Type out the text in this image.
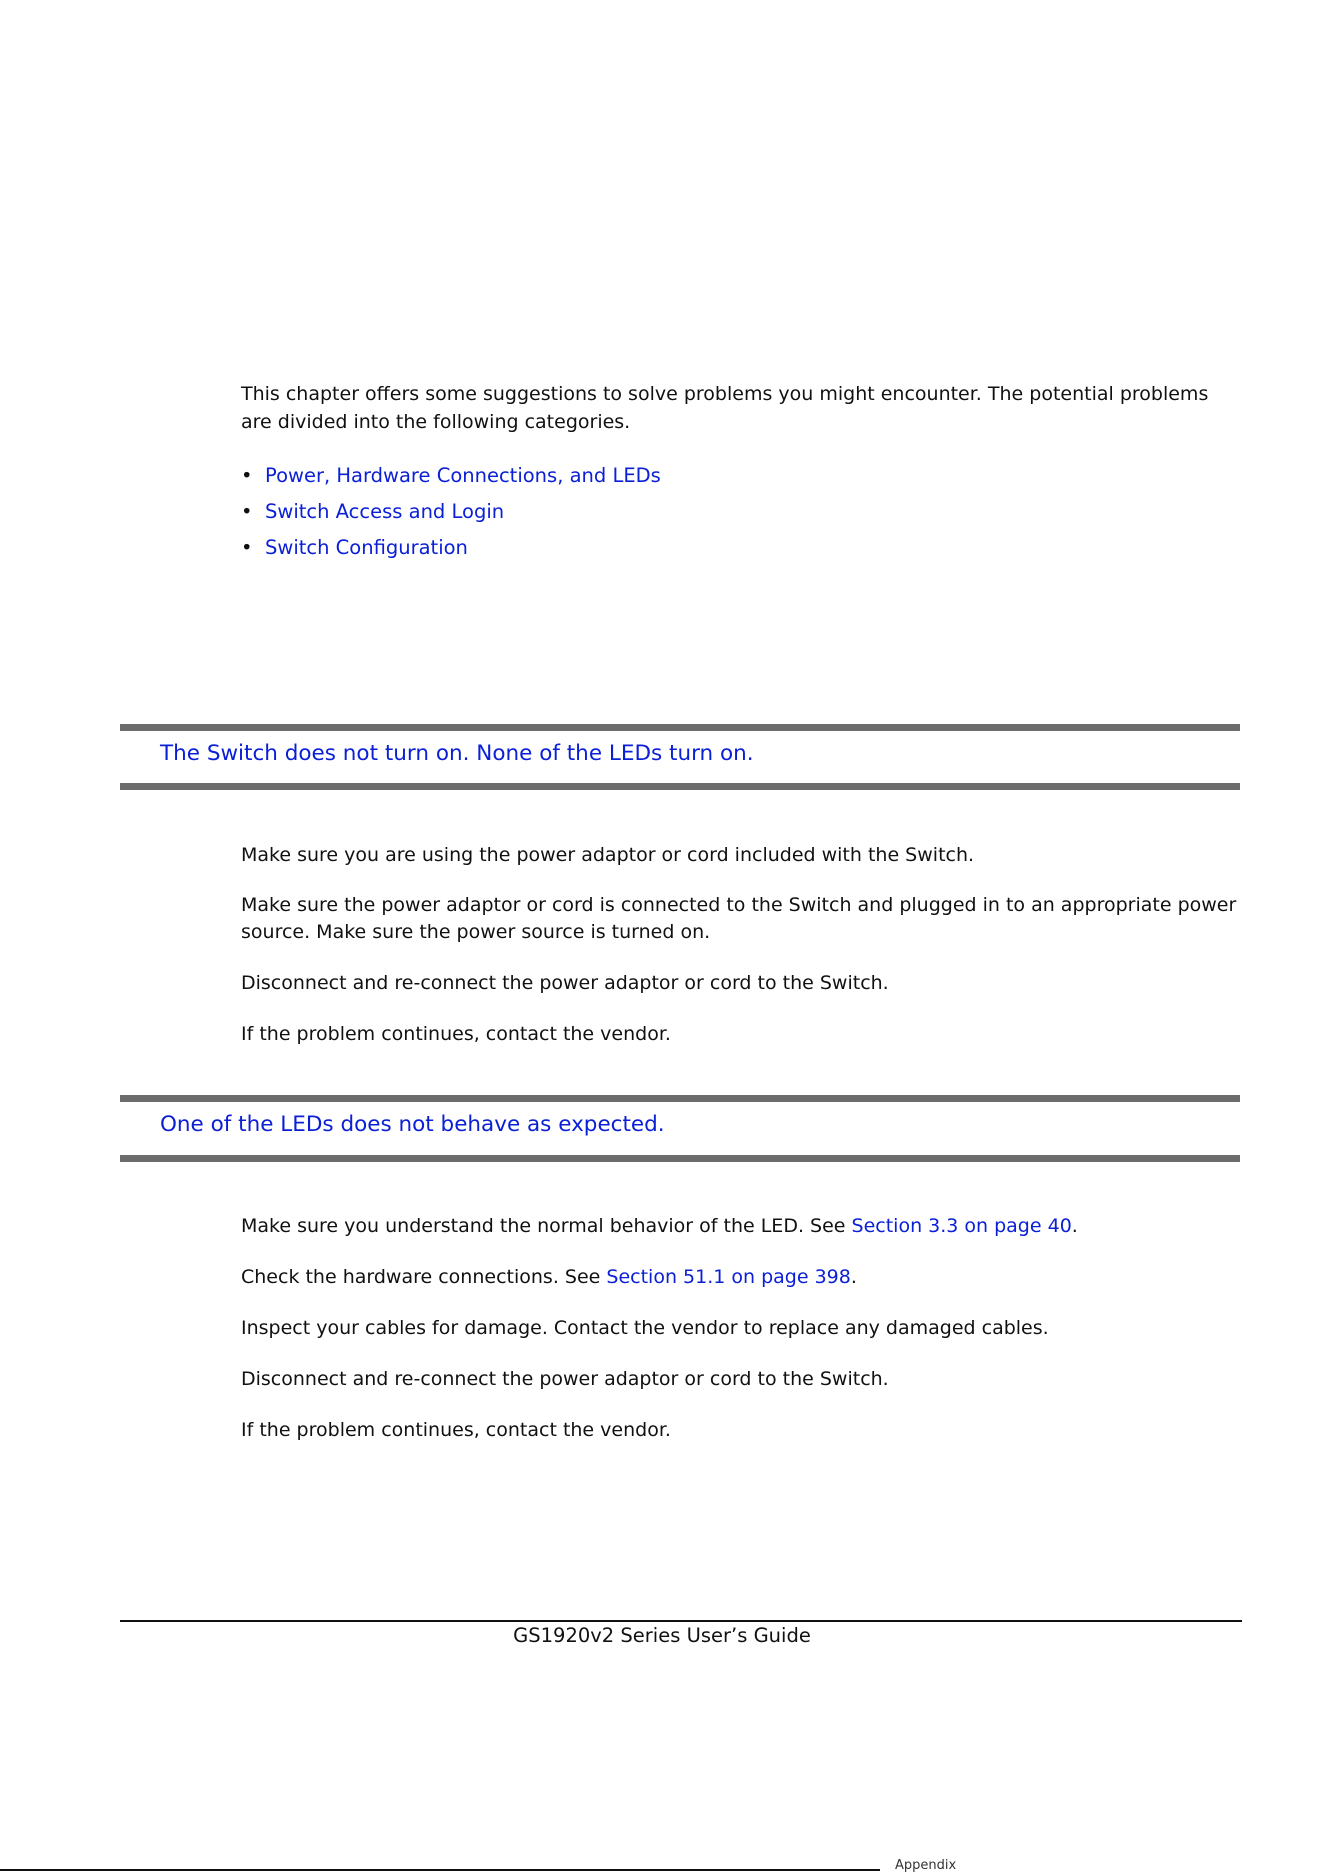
This chapter offers some suggestions to solve problems you might encounter. The potential problems are divided into the following categories.

• Power, Hardware Connections, and LEDs
• Switch Access and Login
• Switch Configuration
The Switch does not turn on. None of the LEDs turn on.

Make sure you are using the power adaptor or cord included with the Switch.

Make sure the power adaptor or cord is connected to the Switch and plugged in to an appropriate power source. Make sure the power source is turned on.

Disconnect and re-connect the power adaptor or cord to the Switch.

If the problem continues, contact the vendor.

One of the LEDs does not behave as expected.

Make sure you understand the normal behavior of the LED. See Section 3.3 on page 40.

Check the hardware connections. See Section 51.1 on page 398.

Inspect your cables for damage. Contact the vendor to replace any damaged cables.

Disconnect and re-connect the power adaptor or cord to the Switch.

If the problem continues, contact the vendor.

GS1920v2 Series User’s Guide

Appendix
